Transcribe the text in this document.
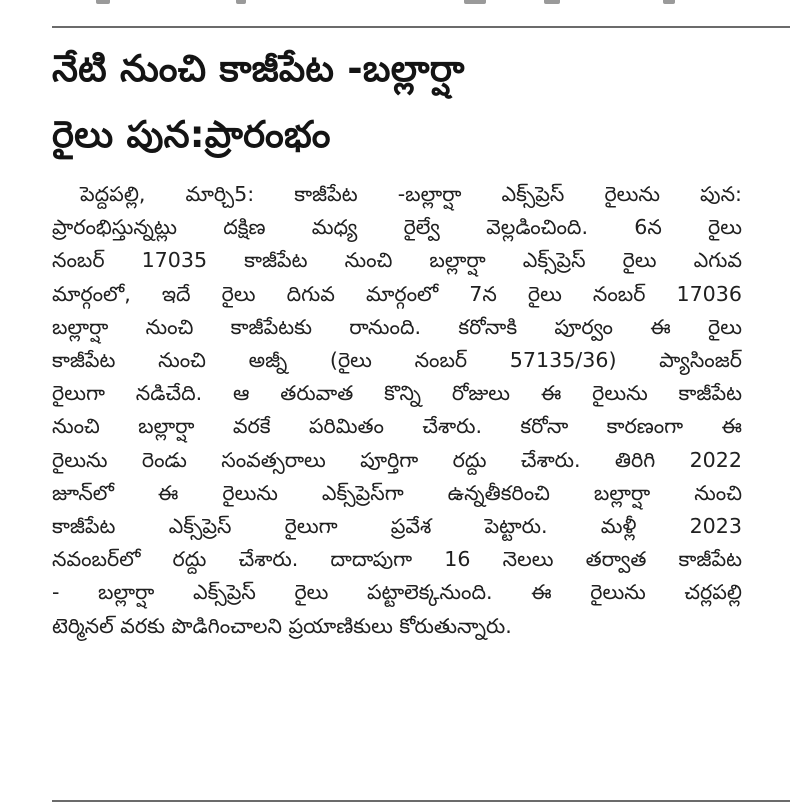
నేటి నుంచి కాజీపేట -బల్లార్షా
రైలు పున:ప్రారంభం
పెద్దపల్లి, మార్చి5: కాజీపేట -బల్లార్షా ఎక్స్‌ప్రెస్ రైలును పున:
ప్రారంభిస్తున్నట్లు దక్షిణ మధ్య రైల్వే వెల్లడించింది. 6న రైలు
నంబర్ 17035 కాజీపేట నుంచి బల్లార్షా ఎక్స్‌ప్రెస్ రైలు ఎగువ
మార్గంలో, ఇదే రైలు దిగువ మార్గంలో 7న రైలు నంబర్ 17036
బల్లార్షా నుంచి కాజీపేటకు రానుంది. కరోనాకి పూర్వం ఈ రైలు
కాజీపేట నుంచి అజ్నీ (రైలు నంబర్ 57135/36) ప్యాసింజర్
రైలుగా నడిచేది. ఆ తరువాత కొన్ని రోజులు ఈ రైలును కాజీపేట
నుంచి బల్లార్షా వరకే పరిమితం చేశారు. కరోనా కారణంగా ఈ
రైలును రెండు సంవత్సరాలు పూర్తిగా రద్దు చేశారు. తిరిగి 2022
జూన్‌లో ఈ రైలును ఎక్స్‌ప్రెస్‌గా ఉన్నతీకరించి బల్లార్షా నుంచి
కాజీపేట ఎక్స్‌ప్రెస్ రైలుగా ప్రవేశ పెట్టారు. మళ్లీ 2023
నవంబర్‌లో రద్దు చేశారు. దాదాపుగా 16 నెలలు తర్వాత కాజీపేట
- బల్లార్షా ఎక్స్‌ప్రెస్ రైలు పట్టాలెక్కనుంది. ఈ రైలును చర్లపల్లి
టెర్మినల్ వరకు పొడిగించాలని ప్రయాణికులు కోరుతున్నారు.
